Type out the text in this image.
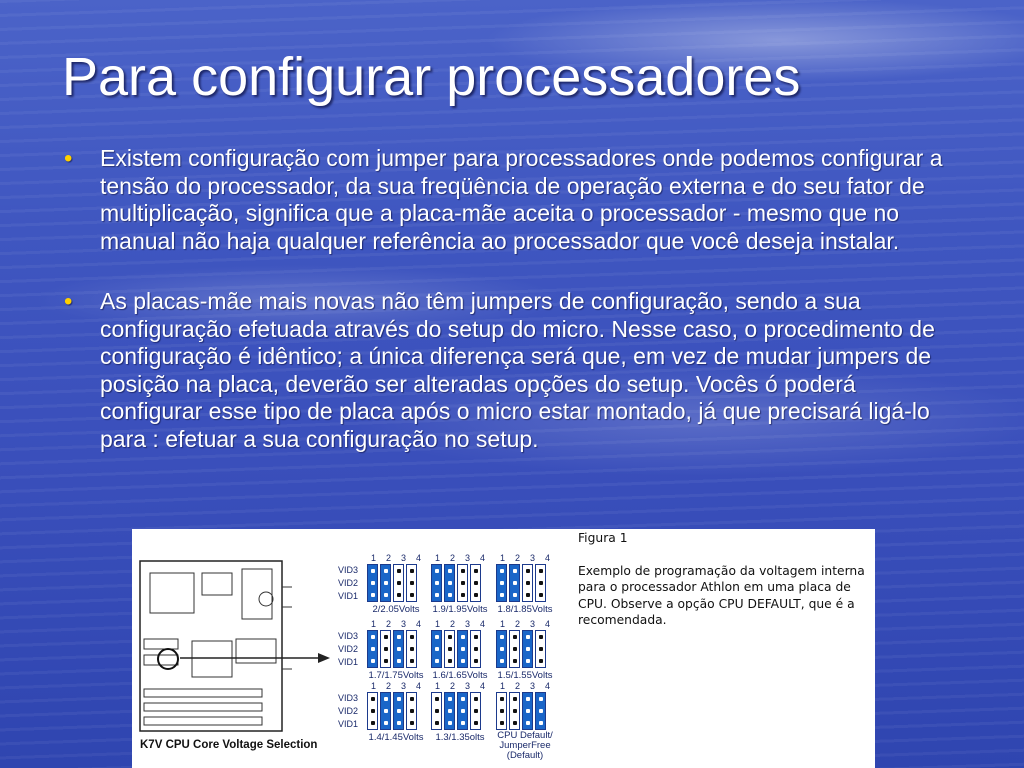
Para configurar processadores
• Existem configuração com jumper para processadores onde podemos configurar a tensão do processador, da sua freqüência de operação externa e do seu fator de multiplicação, significa que a placa-mãe aceita o processador - mesmo que no manual não haja qualquer referência ao processador que você deseja instalar.
• As placas-mãe mais novas não têm jumpers de configuração, sendo a sua configuração efetuada através do setup do micro. Nesse caso, o procedimento de configuração é idêntico; a única diferença será que, em vez de mudar jumpers de posição na placa, deverão ser alteradas opções do setup. Vocês ó poderá configurar esse tipo de placa após o micro estar montado, já que precisará ligá-lo para : efetuar a sua configuração no setup.
K7V CPU Core Voltage Selection
1 2 3 4
2/2.05Volts
1 2 3 4
1.9/1.95Volts
1 2 3 4
1.8/1.85Volts
1 2 3 4
1.7/1.75Volts
1 2 3 4
1.6/1.65Volts
1 2 3 4
1.5/1.55Volts
1 2 3 4
1.4/1.45Volts
1 2 3 4
1.3/1.35olts
1 2 3 4
CPU Default/ JumperFree (Default)
VID3
VID2
VID1
VID3
VID2
VID1
VID3
VID2
VID1

Figura 1

Exemplo de programação da voltagem interna para o processador Athlon em uma placa de CPU. Observe a opção CPU DEFAULT, que é a recomendada.
